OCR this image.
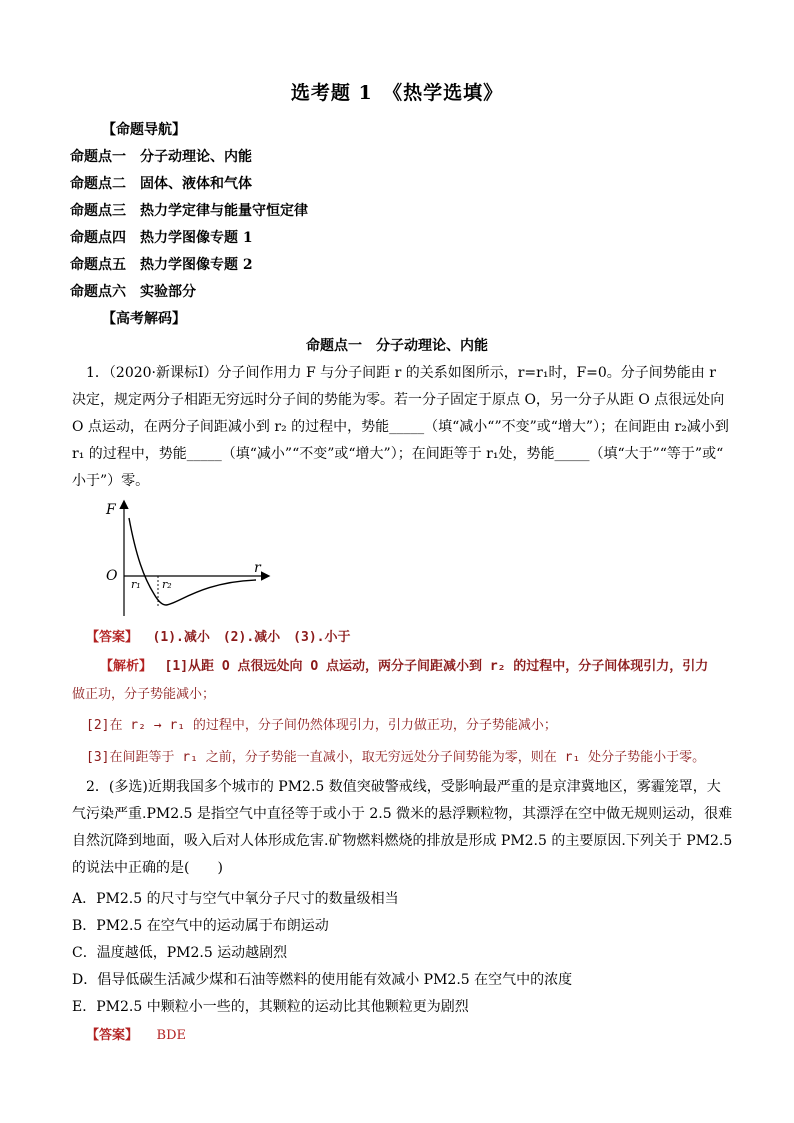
选考题 1　《热学选填》
【命题导航】
命题点一　分子动理论、内能
命题点二　固体、液体和气体
命题点三　热力学定律与能量守恒定律
命题点四　热力学图像专题 1
命题点五　热力学图像专题 2
命题点六　实验部分
【高考解码】
命题点一　分子动理论、内能
1．（2020·新课标Ⅰ）分子间作用力 F 与分子间距 r 的关系如图所示，r=r₁时，F=0。分子间势能由 r
决定，规定两分子相距无穷远时分子间的势能为零。若一分子固定于原点 O，另一分子从距 O 点很远处向
O 点运动，在两分子间距减小到 r₂ 的过程中，势能_____（填“减小“”不变”或“增大”）；在间距由 r₂减小到
r₁ 的过程中，势能_____（填“减小”“不变”或“增大”）；在间距等于 r₁处，势能_____（填“大于”“等于”或“
小于”）零。
F
r
O
r₁ r₂
【答案】 (1).减小　(2).减小　(3).小于
【解析】 [1]从距 O 点很远处向 O 点运动，两分子间距减小到 r₂ 的过程中，分子间体现引力，引力
做正功，分子势能减小；
[2]在 r₂ → r₁ 的过程中，分子间仍然体现引力，引力做正功，分子势能减小；
[3]在间距等于 r₁ 之前，分子势能一直减小，取无穷远处分子间势能为零，则在 r₁ 处分子势能小于零。
2．(多选)近期我国多个城市的 PM2.5 数值突破警戒线，受影响最严重的是京津冀地区，雾霾笼罩，大
气污染严重.PM2.5 是指空气中直径等于或小于 2.5 微米的悬浮颗粒物，其漂浮在空中做无规则运动，很难
自然沉降到地面，吸入后对人体形成危害.矿物燃料燃烧的排放是形成 PM2.5 的主要原因.下列关于 PM2.5
的说法中正确的是(　　)
A．PM2.5 的尺寸与空气中氧分子尺寸的数量级相当
B．PM2.5 在空气中的运动属于布朗运动
C．温度越低，PM2.5 运动越剧烈
D．倡导低碳生活减少煤和石油等燃料的使用能有效减小 PM2.5 在空气中的浓度
E．PM2.5 中颗粒小一些的，其颗粒的运动比其他颗粒更为剧烈
【答案】 BDE
